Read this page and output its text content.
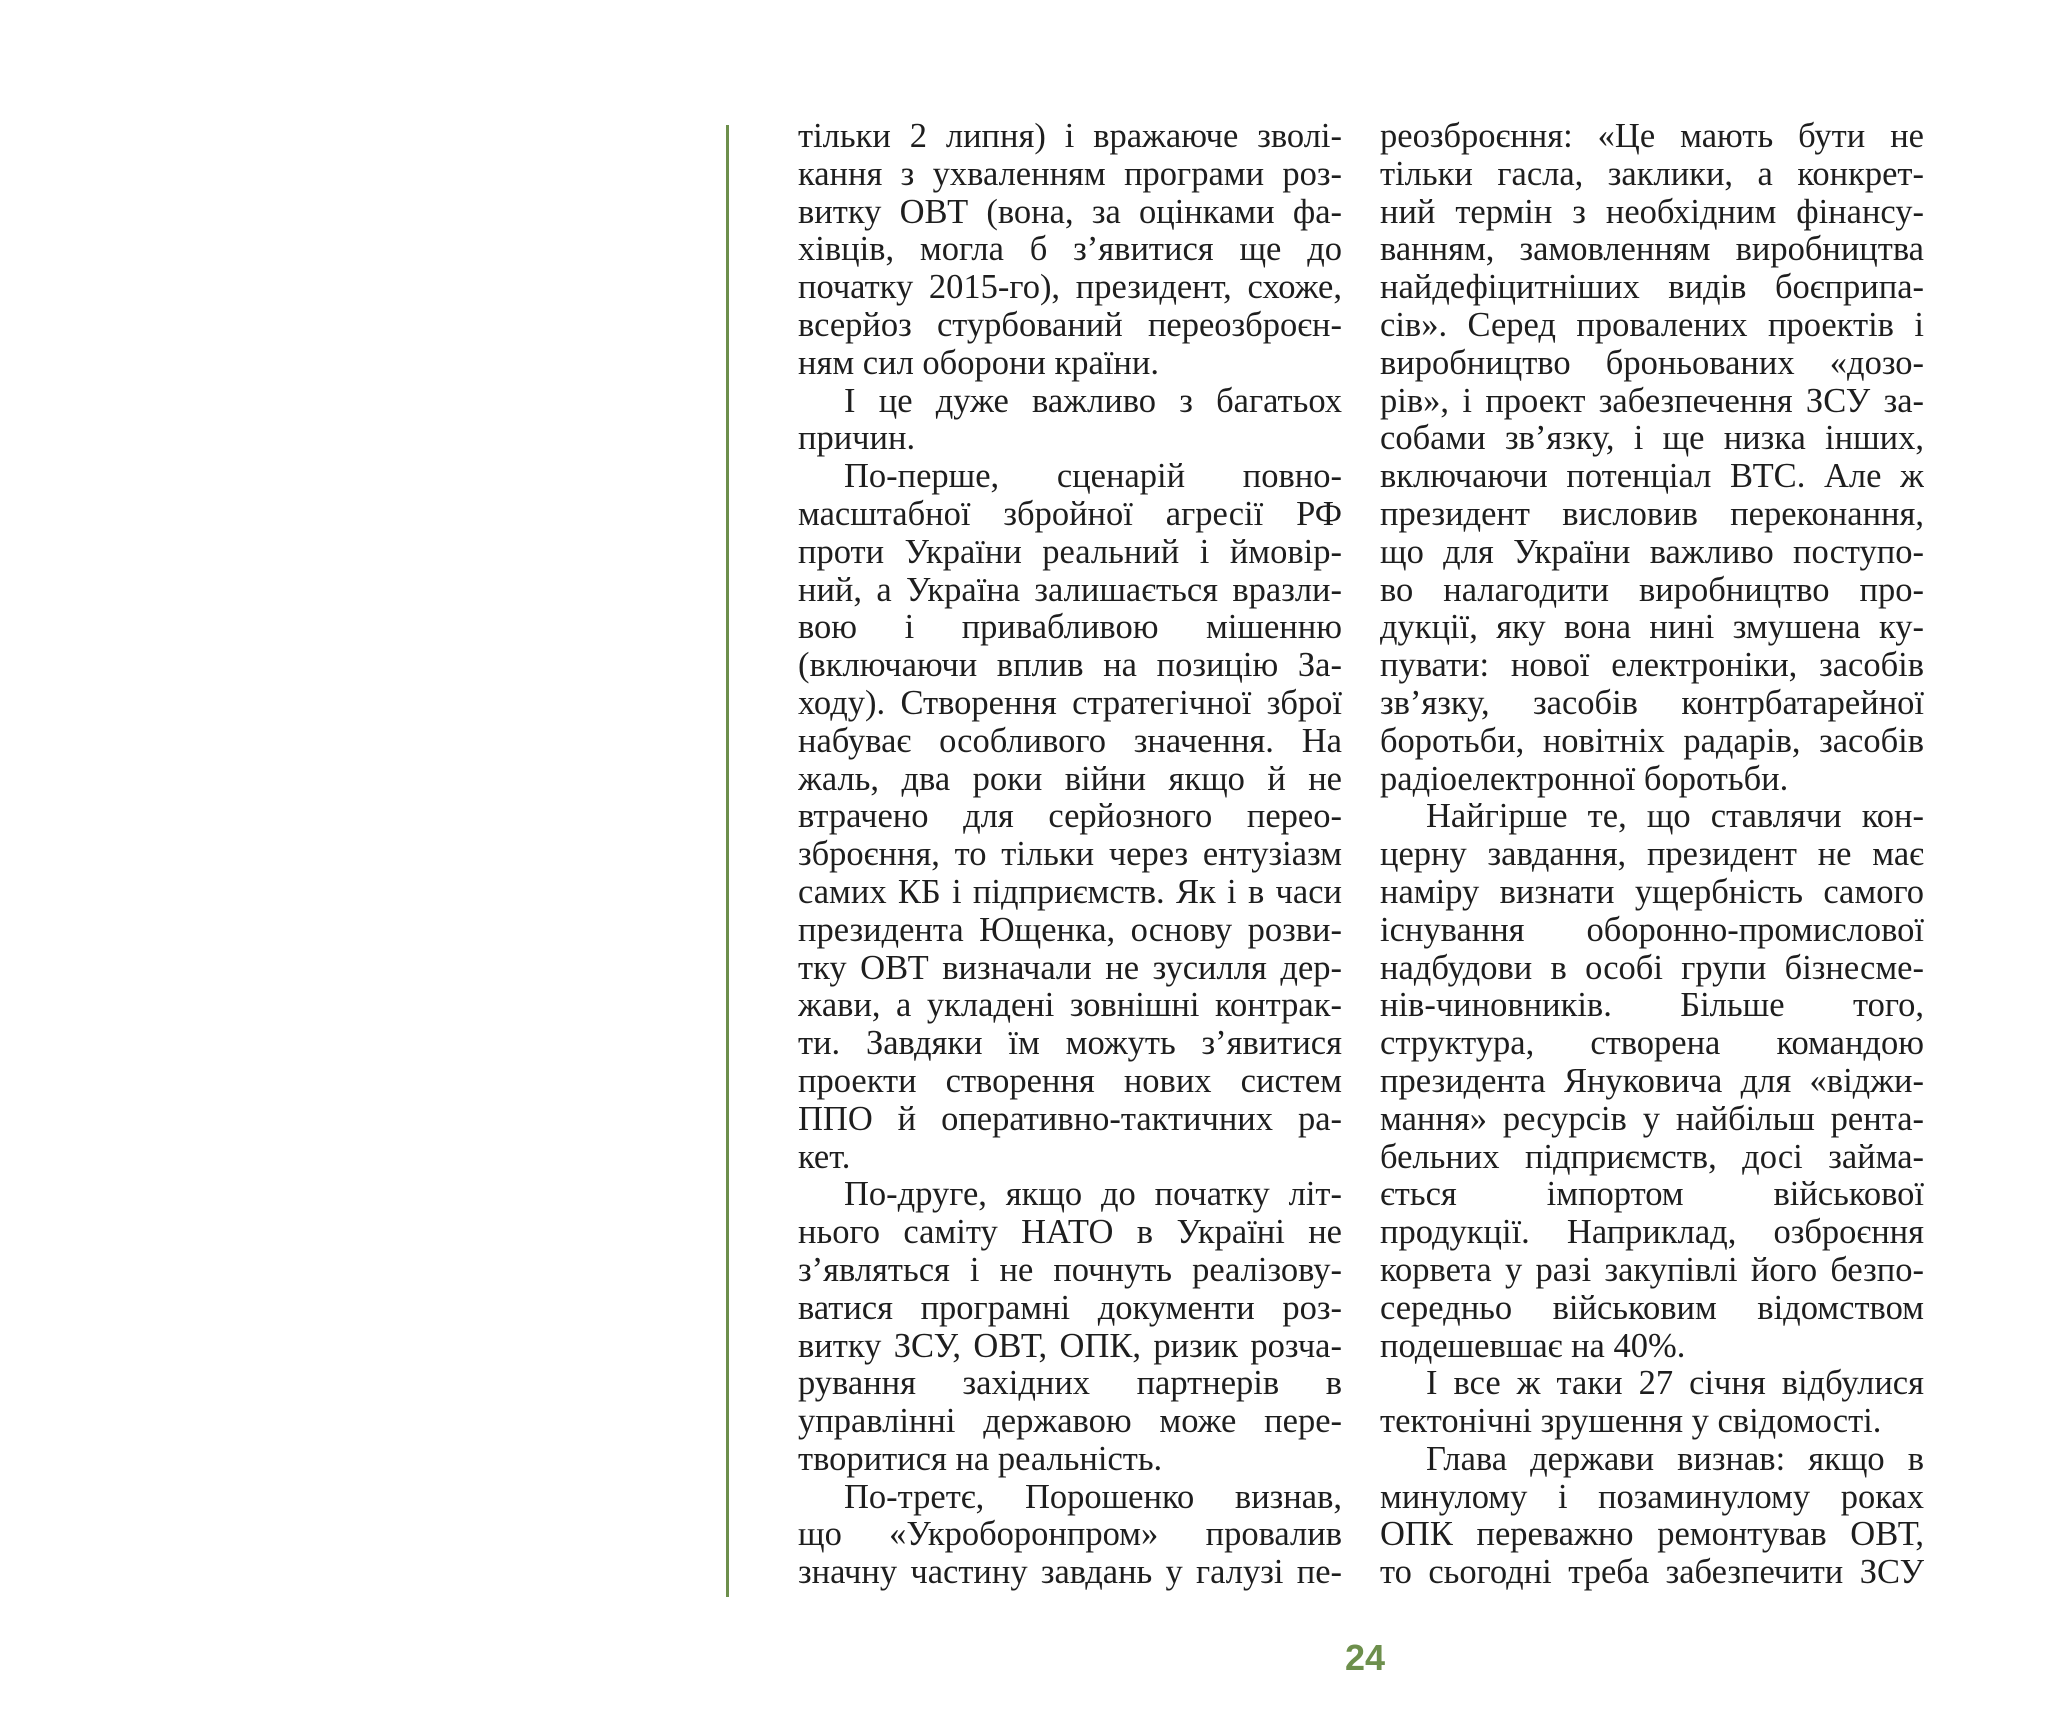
тільки 2 липня) і вражаюче зволі-
кання з ухваленням програми роз-
витку ОВТ (вона, за оцінками фа-
хівців, могла б з’явитися ще до
початку 2015-го), президент, схоже,
всерйоз стурбований переозброєн-
ням сил оборони країни.
І це дуже важливо з багатьох
причин.
По-перше, сценарій повно-
масштабної збройної агресії РФ
проти України реальний і ймовір-
ний, а Україна залишається вразли-
вою і привабливою мішенню
(включаючи вплив на позицію За-
ходу). Створення стратегічної зброї
набуває особливого значення. На
жаль, два роки війни якщо й не
втрачено для серйозного перео-
зброєння, то тільки через ентузіазм
самих КБ і підприємств. Як і в часи
президента Ющенка, основу розви-
тку ОВТ визначали не зусилля дер-
жави, а укладені зовнішні контрак-
ти. Завдяки їм можуть з’явитися
проекти створення нових систем
ППО й оперативно-тактичних ра-
кет.
По-друге, якщо до початку літ-
нього саміту НАТО в Україні не
з’являться і не почнуть реалізову-
ватися програмні документи роз-
витку ЗСУ, ОВТ, ОПК, ризик розча-
рування західних партнерів в
управлінні державою може пере-
творитися на реальність.
По-третє, Порошенко визнав,
що «Укроборонпром» провалив
значну частину завдань у галузі пе-
реозброєння: «Це мають бути не
тільки гасла, заклики, а конкрет-
ний термін з необхідним фінансу-
ванням, замовленням виробництва
найдефіцитніших видів боєприпа-
сів». Серед провалених проектів і
виробництво броньованих «дозо-
рів», і проект забезпечення ЗСУ за-
собами зв’язку, і ще низка інших,
включаючи потенціал ВТС. Але ж
президент висловив переконання,
що для України важливо поступо-
во налагодити виробництво про-
дукції, яку вона нині змушена ку-
пувати: нової електроніки, засобів
зв’язку, засобів контрбатарейної
боротьби, новітніх радарів, засобів
радіоелектронної боротьби.
Найгірше те, що ставлячи кон-
церну завдання, президент не має
наміру визнати ущербність самого
існування оборонно-промислової
надбудови в особі групи бізнесме-
нів-чиновників. Більше того,
структура, створена командою
президента Януковича для «віджи-
мання» ресурсів у найбільш рента-
бельних підприємств, досі займа-
ється імпортом військової
продукції. Наприклад, озброєння
корвета у разі закупівлі його безпо-
середньо військовим відомством
подешевшає на 40%.
І все ж таки 27 січня відбулися
тектонічні зрушення у свідомості.
Глава держави визнав: якщо в
минулому і позаминулому роках
ОПК переважно ремонтував ОВТ,
то сьогодні треба забезпечити ЗСУ
24
